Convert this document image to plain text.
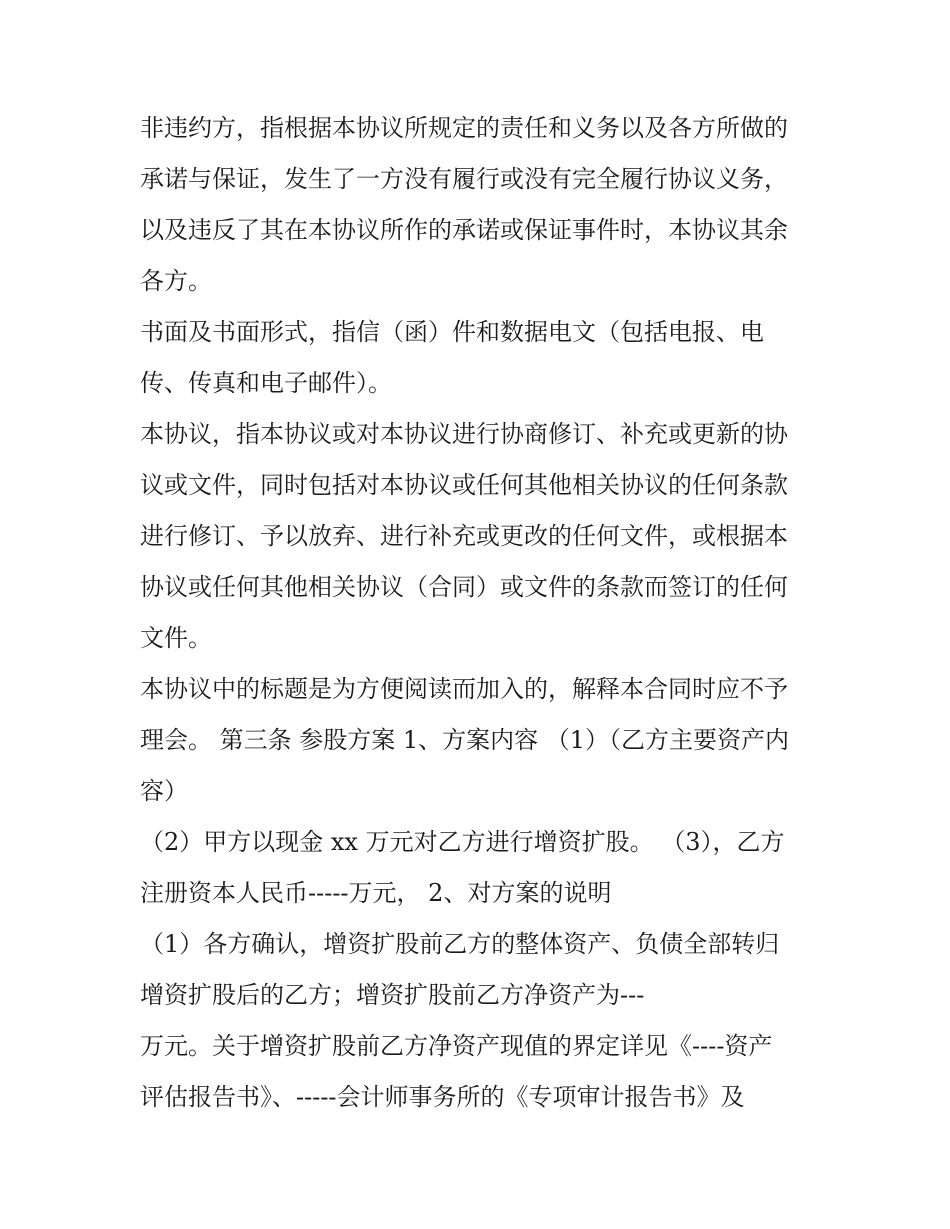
非违约方，指根据本协议所规定的责任和义务以及各方所做的
承诺与保证，发生了一方没有履行或没有完全履行协议义务，
以及违反了其在本协议所作的承诺或保证事件时，本协议其余
各方。
书面及书面形式，指信（函）件和数据电文（包括电报、电
传、传真和电子邮件）。
本协议，指本协议或对本协议进行协商修订、补充或更新的协
议或文件，同时包括对本协议或任何其他相关协议的任何条款
进行修订、予以放弃、进行补充或更改的任何文件，或根据本
协议或任何其他相关协议（合同）或文件的条款而签订的任何
文件。
本协议中的标题是为方便阅读而加入的，解释本合同时应不予
理会。 第三条 参股方案 1、方案内容 （1）（乙方主要资产内
容）
（2）甲方以现金 xx 万元对乙方进行增资扩股。 （3），乙方
注册资本人民币-----万元， 2、对方案的说明
（1）各方确认，增资扩股前乙方的整体资产、负债全部转归
增资扩股后的乙方；增资扩股前乙方净资产为---
万元。关于增资扩股前乙方净资产现值的界定详见《----资产
评估报告书》、-----会计师事务所的《专项审计报告书》及
